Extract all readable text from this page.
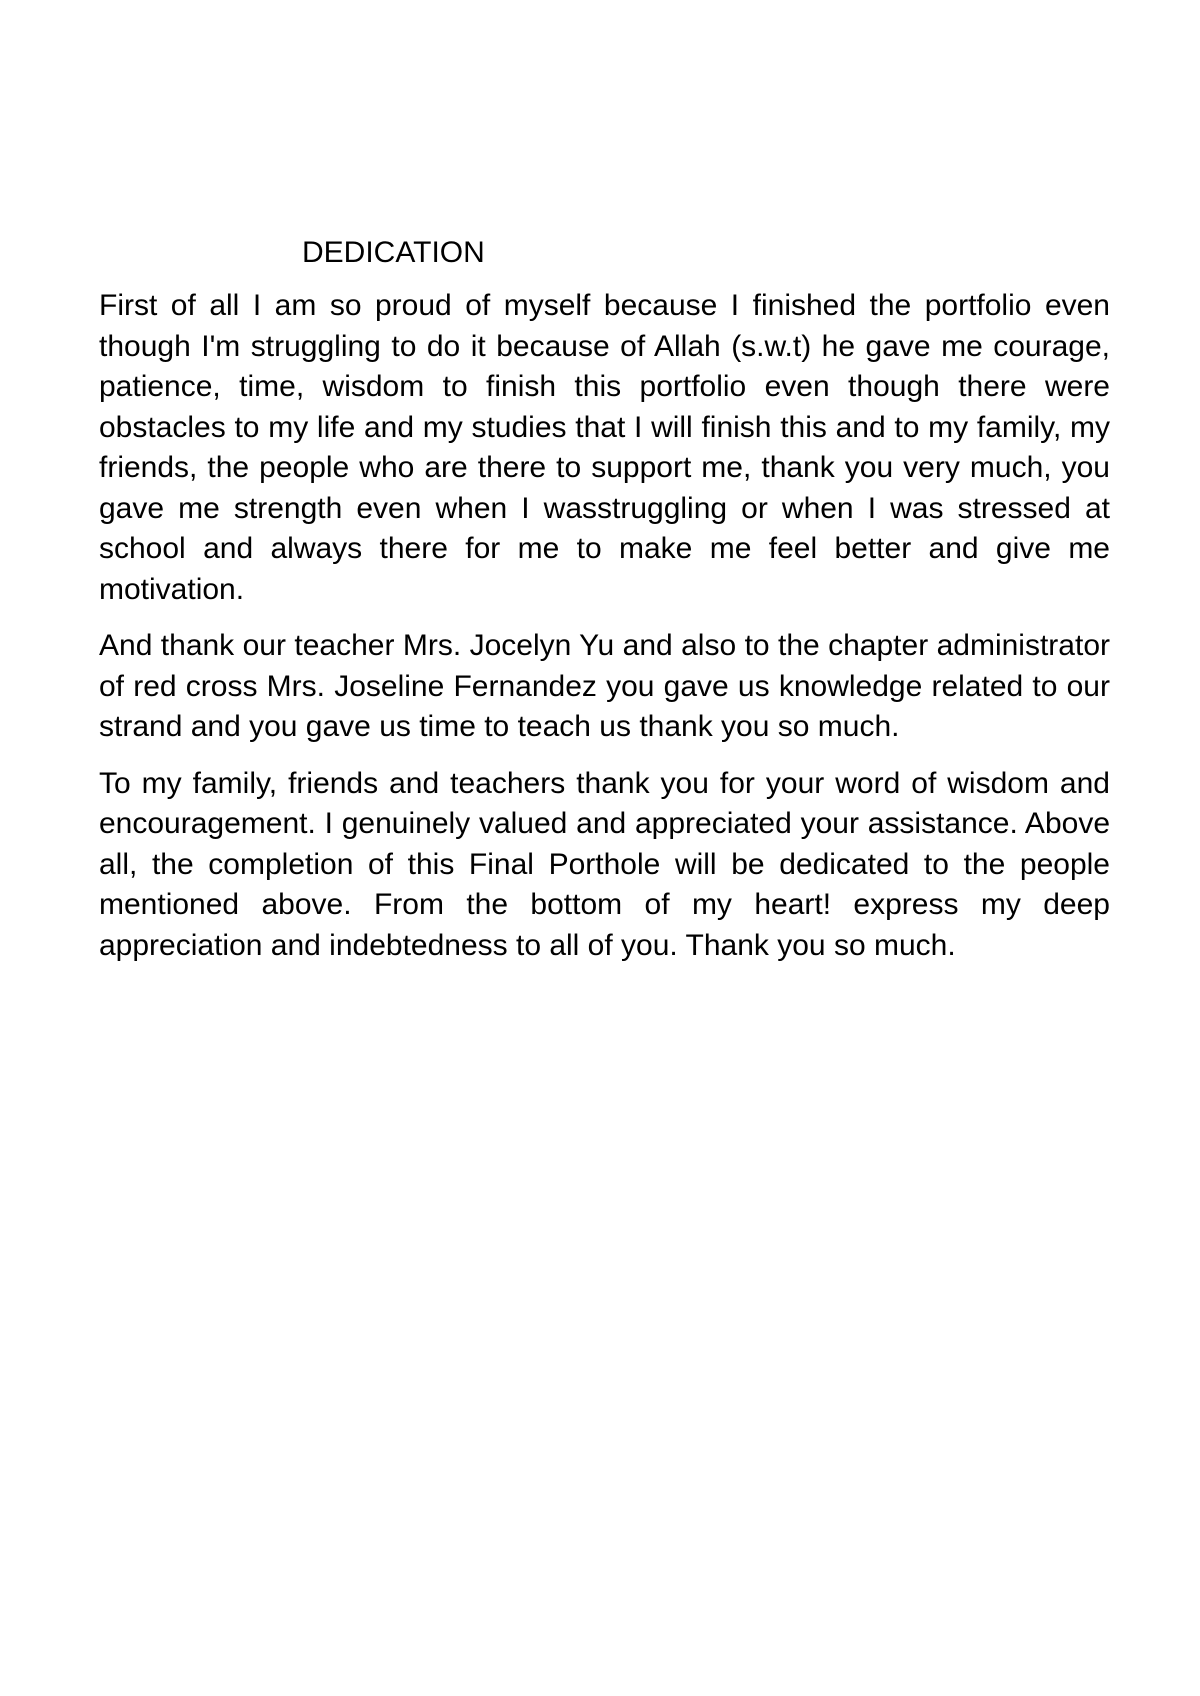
DEDICATION

First of all I am so proud of myself because I finished the portfolio even though I'm struggling to do it because of Allah (s.w.t) he gave me courage, patience, time, wisdom to finish this portfolio even though there were obstacles to my life and my studies that I will finish this and to my family, my friends, the people who are there to support me, thank you very much, you gave me strength even when I wasstruggling or when I was stressed at school and always there for me to make me feel better and give me motivation.

And thank our teacher Mrs. Jocelyn Yu and also to the chapter administrator of red cross Mrs. Joseline Fernandez you gave us knowledge related to our strand and you gave us time to teach us thank you so much.

To my family, friends and teachers thank you for your word of wisdom and encouragement. I genuinely valued and appreciated your assistance. Above all, the completion of this Final Porthole will be dedicated to the people mentioned above. From the bottom of my heart! express my deep appreciation and indebtedness to all of you. Thank you so much.
